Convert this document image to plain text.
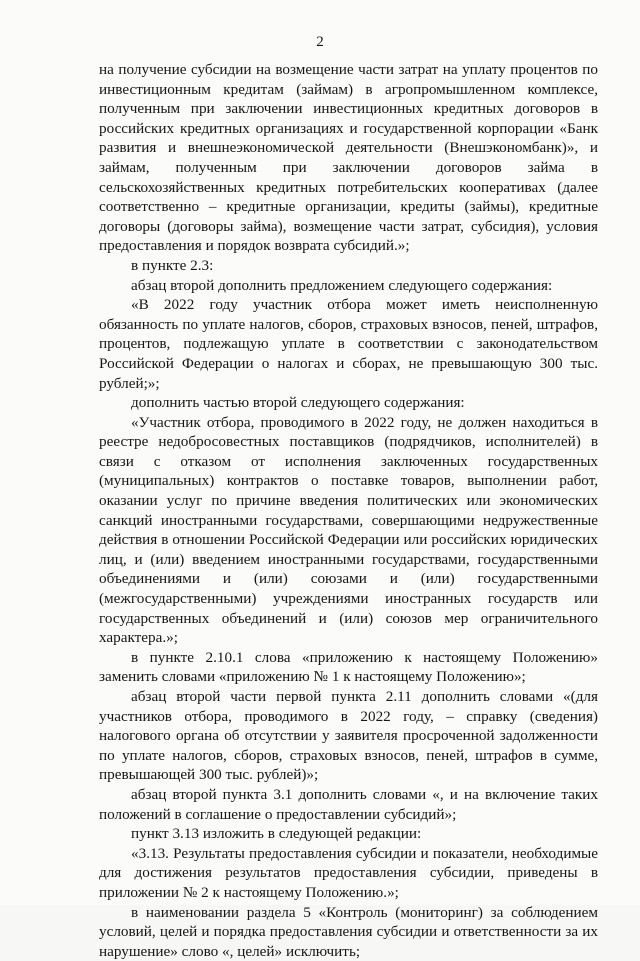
2

на получение субсидии на возмещение части затрат на уплату процентов по инвестиционным кредитам (займам) в агропромышленном комплексе, полученным при заключении инвестиционных кредитных договоров в российских кредитных организациях и государственной корпорации «Банк развития и внешнеэкономической деятельности (Внешэкономбанк)», и займам, полученным при заключении договоров займа в сельскохозяйственных кредитных потребительских кооперативах (далее соответственно – кредитные организации, кредиты (займы), кредитные договоры (договоры займа), возмещение части затрат, субсидия), условия предоставления и порядок возврата субсидий.»;

в пункте 2.3:

абзац второй дополнить предложением следующего содержания:

«В 2022 году участник отбора может иметь неисполненную обязанность по уплате налогов, сборов, страховых взносов, пеней, штрафов, процентов, подлежащую уплате в соответствии с законодательством Российской Федерации о налогах и сборах, не превышающую 300 тыс. рублей;»;

дополнить частью второй следующего содержания:

«Участник отбора, проводимого в 2022 году, не должен находиться в реестре недобросовестных поставщиков (подрядчиков, исполнителей) в связи с отказом от исполнения заключенных государственных (муниципальных) контрактов о поставке товаров, выполнении работ, оказании услуг по причине введения политических или экономических санкций иностранными государствами, совершающими недружественные действия в отношении Российской Федерации или российских юридических лиц, и (или) введением иностранными государствами, государственными объединениями и (или) союзами и (или) государственными (межгосударственными) учреждениями иностранных государств или государственных объединений и (или) союзов мер ограничительного характера.»;

в пункте 2.10.1 слова «приложению к настоящему Положению» заменить словами «приложению № 1 к настоящему Положению»;

абзац второй части первой пункта 2.11 дополнить словами «(для участников отбора, проводимого в 2022 году, – справку (сведения) налогового органа об отсутствии у заявителя просроченной задолженности по уплате налогов, сборов, страховых взносов, пеней, штрафов в сумме, превышающей 300 тыс. рублей)»;

абзац второй пункта 3.1 дополнить словами «, и на включение таких положений в соглашение о предоставлении субсидий»;

пункт 3.13 изложить в следующей редакции:

«3.13. Результаты предоставления субсидии и показатели, необходимые для достижения результатов предоставления субсидии, приведены в приложении № 2 к настоящему Положению.»;

в наименовании раздела 5 «Контроль (мониторинг) за соблюдением условий, целей и порядка предоставления субсидии и ответственности за их нарушение» слово «, целей» исключить;
